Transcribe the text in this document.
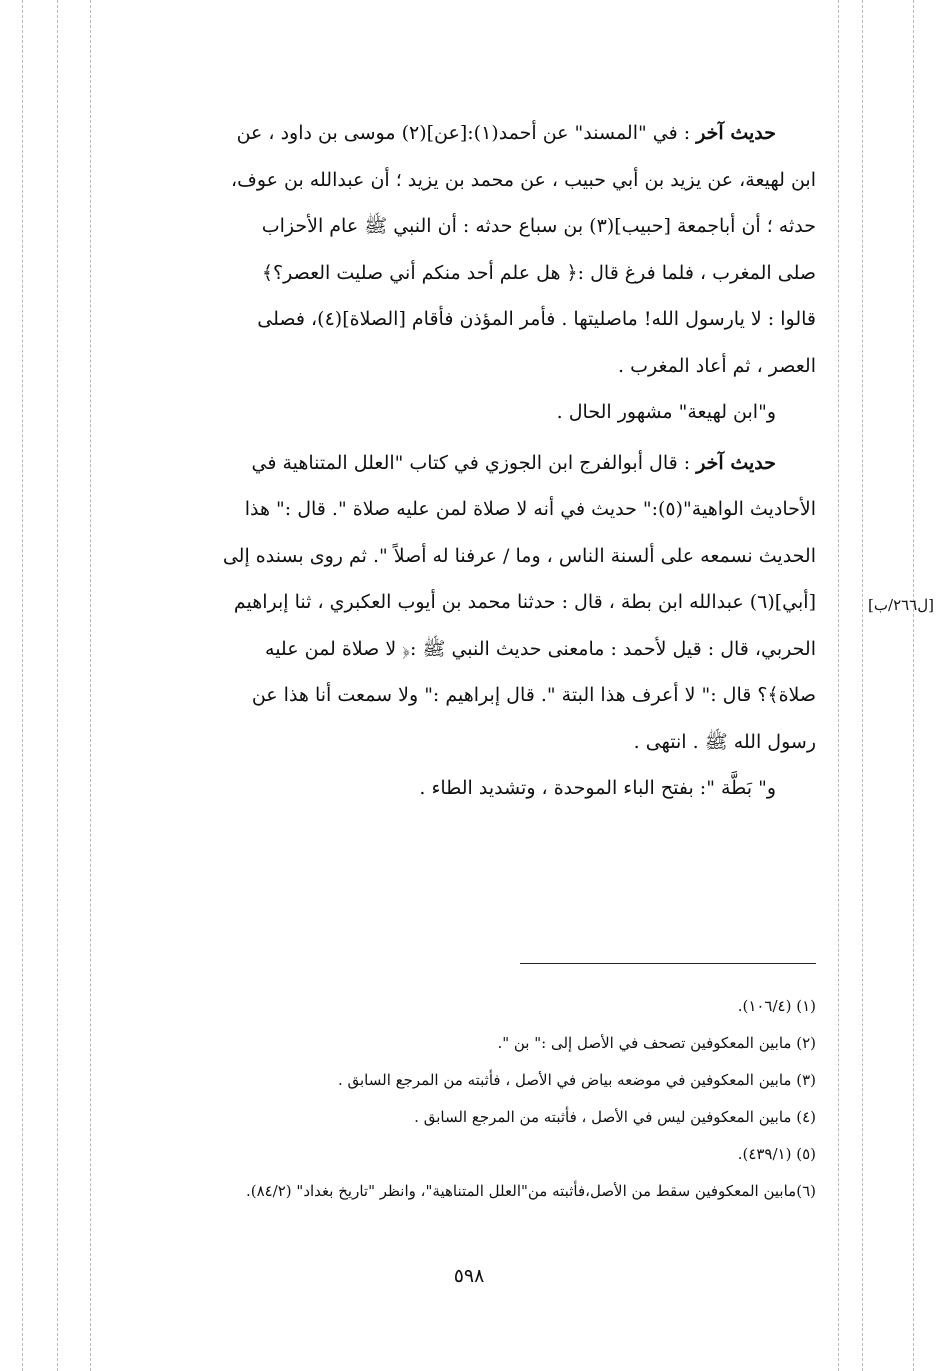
حديث آخر : في "المسند" عن أحمد(١):[عن](٢) موسى بن داود ، عن

ابن لهيعة، عن يزيد بن أبي حبيب ، عن محمد بن يزيد ؛ أن عبدالله بن عوف،

حدثه ؛ أن أباجمعة [حبيب](٣) بن سباع حدثه : أن النبي ﷺ عام الأحزاب

صلى المغرب ، فلما فرغ قال :﴿ هل علم أحد منكم أني صليت العصر؟﴾

قالوا : لا يارسول الله! ماصليتها . فأمر المؤذن فأقام [الصلاة](٤)، فصلى

العصر ، ثم أعاد المغرب .

و"ابن لهيعة" مشهور الحال .

حديث آخر : قال أبوالفرج ابن الجوزي في كتاب "العلل المتناهية في

الأحاديث الواهية"(٥):" حديث في أنه لا صلاة لمن عليه صلاة ". قال :" هذا

الحديث نسمعه على ألسنة الناس ، وما / عرفنا له أصلاً ". ثم روى بسنده إلى

[أبي](٦) عبدالله ابن بطة ، قال : حدثنا محمد بن أيوب العكبري ، ثنا إبراهيم

الحربي، قال : قيل لأحمد : مامعنى حديث النبي ﷺ :﴿ لا صلاة لمن عليه

صلاة﴾؟ قال :" لا أعرف هذا البتة ". قال إبراهيم :" ولا سمعت أنا هذا عن

رسول الله ﷺ . انتهى .

و" بَطَّة ": بفتح الباء الموحدة ، وتشديد الطاء .

[ل٢٦٦/ب]
(١) (١٠٦/٤).
(٢) مابين المعكوفين تصحف في الأصل إلى :" بن ".
(٣) مابين المعكوفين في موضعه بياض في الأصل ، فأثبته من المرجع السابق .
(٤) مابين المعكوفين ليس في الأصل ، فأثبته من المرجع السابق .
(٥) (٤٣٩/١).
(٦)مابين المعكوفين سقط من الأصل،فأثبته من"العلل المتناهية"، وانظر "تاريخ بغداد" (٨٤/٢).
٥٩٨
